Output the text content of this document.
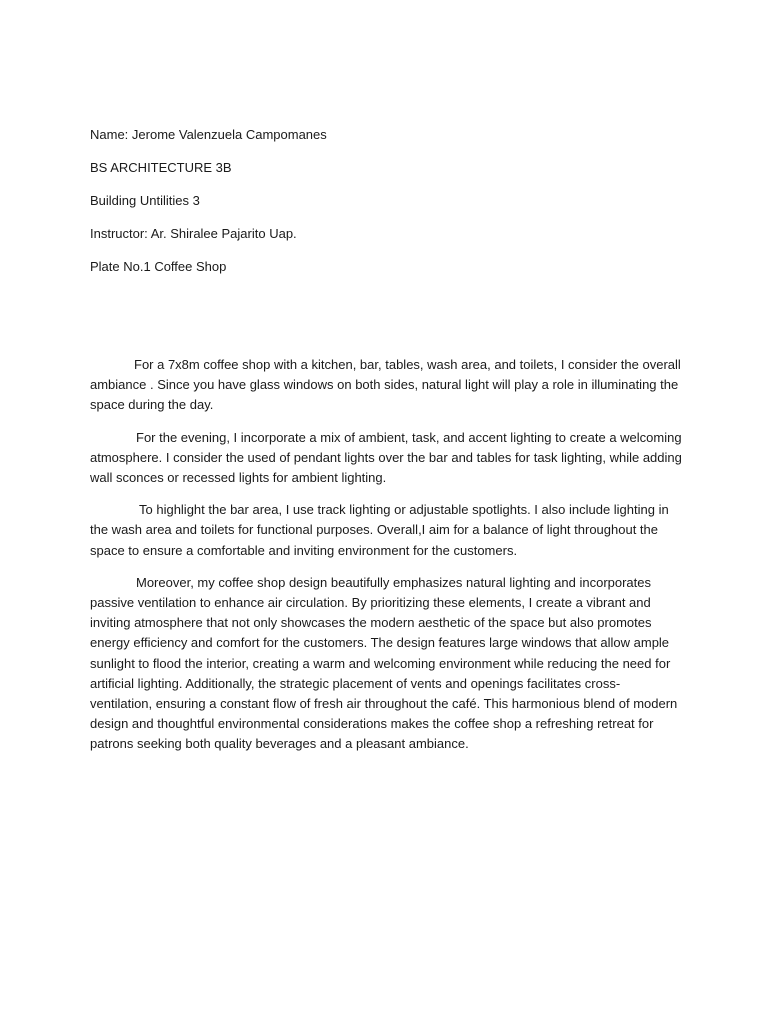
Name: Jerome Valenzuela Campomanes
BS ARCHITECTURE 3B
Building Untilities 3
Instructor: Ar. Shiralee Pajarito Uap.
Plate No.1 Coffee Shop

For a 7x8m coffee shop with a kitchen, bar, tables, wash area, and toilets, I consider the overall ambiance . Since you have glass windows on both sides, natural light will play a role in illuminating the space during the day.

For the evening, I incorporate a mix of ambient, task, and accent lighting to create a welcoming atmosphere. I consider the used of pendant lights over the bar and tables for task lighting, while adding wall sconces or recessed lights for ambient lighting.

To highlight the bar area, I use track lighting or adjustable spotlights. I also include lighting in the wash area and toilets for functional purposes. Overall,I aim for a balance of light throughout the space to ensure a comfortable and inviting environment for the customers.

Moreover, my coffee shop design beautifully emphasizes natural lighting and incorporates passive ventilation to enhance air circulation. By prioritizing these elements, I create a vibrant and inviting atmosphere that not only showcases the modern aesthetic of the space but also promotes energy efficiency and comfort for the customers. The design features large windows that allow ample sunlight to flood the interior, creating a warm and welcoming environment while reducing the need for artificial lighting. Additionally, the strategic placement of vents and openings facilitates cross-ventilation, ensuring a constant flow of fresh air throughout the café. This harmonious blend of modern design and thoughtful environmental considerations makes the coffee shop a refreshing retreat for patrons seeking both quality beverages and a pleasant ambiance.
